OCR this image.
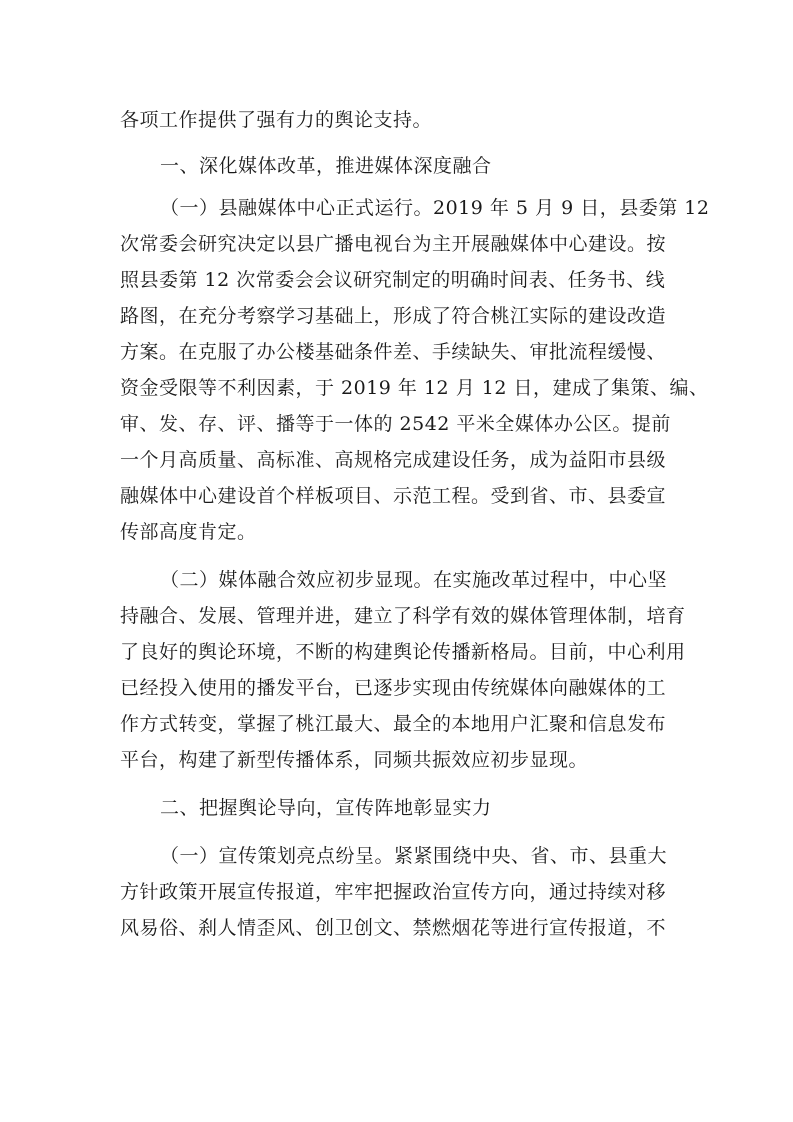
各项工作提供了强有力的舆论支持。
一、深化媒体改革，推进媒体深度融合
（一）县融媒体中心正式运行。2019 年 5 月 9 日，县委第 12
次常委会研究决定以县广播电视台为主开展融媒体中心建设。按
照县委第 12 次常委会会议研究制定的明确时间表、任务书、线
路图，在充分考察学习基础上，形成了符合桃江实际的建设改造
方案。在克服了办公楼基础条件差、手续缺失、审批流程缓慢、
资金受限等不利因素，于 2019 年 12 月 12 日，建成了集策、编、
审、发、存、评、播等于一体的 2542 平米全媒体办公区。提前
一个月高质量、高标准、高规格完成建设任务，成为益阳市县级
融媒体中心建设首个样板项目、示范工程。受到省、市、县委宣
传部高度肯定。
（二）媒体融合效应初步显现。在实施改革过程中，中心坚
持融合、发展、管理并进，建立了科学有效的媒体管理体制，培育
了良好的舆论环境，不断的构建舆论传播新格局。目前，中心利用
已经投入使用的播发平台，已逐步实现由传统媒体向融媒体的工
作方式转变，掌握了桃江最大、最全的本地用户汇聚和信息发布
平台，构建了新型传播体系，同频共振效应初步显现。
二、把握舆论导向，宣传阵地彰显实力
（一）宣传策划亮点纷呈。紧紧围绕中央、省、市、县重大
方针政策开展宣传报道，牢牢把握政治宣传方向，通过持续对移
风易俗、刹人情歪风、创卫创文、禁燃烟花等进行宣传报道，不
